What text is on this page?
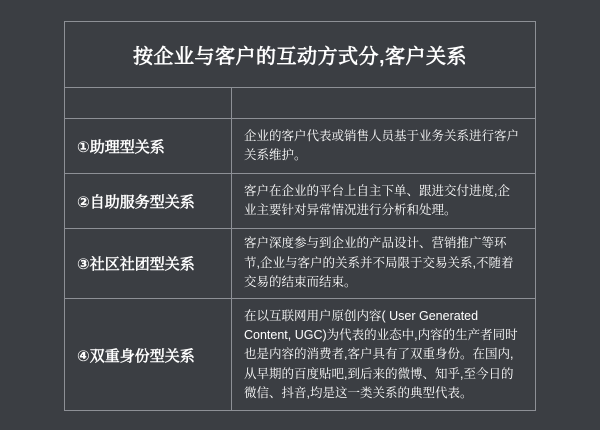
按企业与客户的互动方式分,客户关系
①助理型关系
企业的客户代表或销售人员基于业务关系进行客户关系维护。
②自助服务型关系
客户在企业的平台上自主下单、跟进交付进度,企业主要针对异常情况进行分析和处理。
③社区社团型关系
客户深度参与到企业的产品设计、营销推广等环节,企业与客户的关系并不局限于交易关系,不随着交易的结束而结束。
④双重身份型关系
在以互联网用户原创内容( User Generated Content, UGC)为代表的业态中,内容的生产者同时也是内容的消费者,客户具有了双重身份。在国内,从早期的百度贴吧,到后来的微博、知乎,至今日的微信、抖音,均是这一类关系的典型代表。
